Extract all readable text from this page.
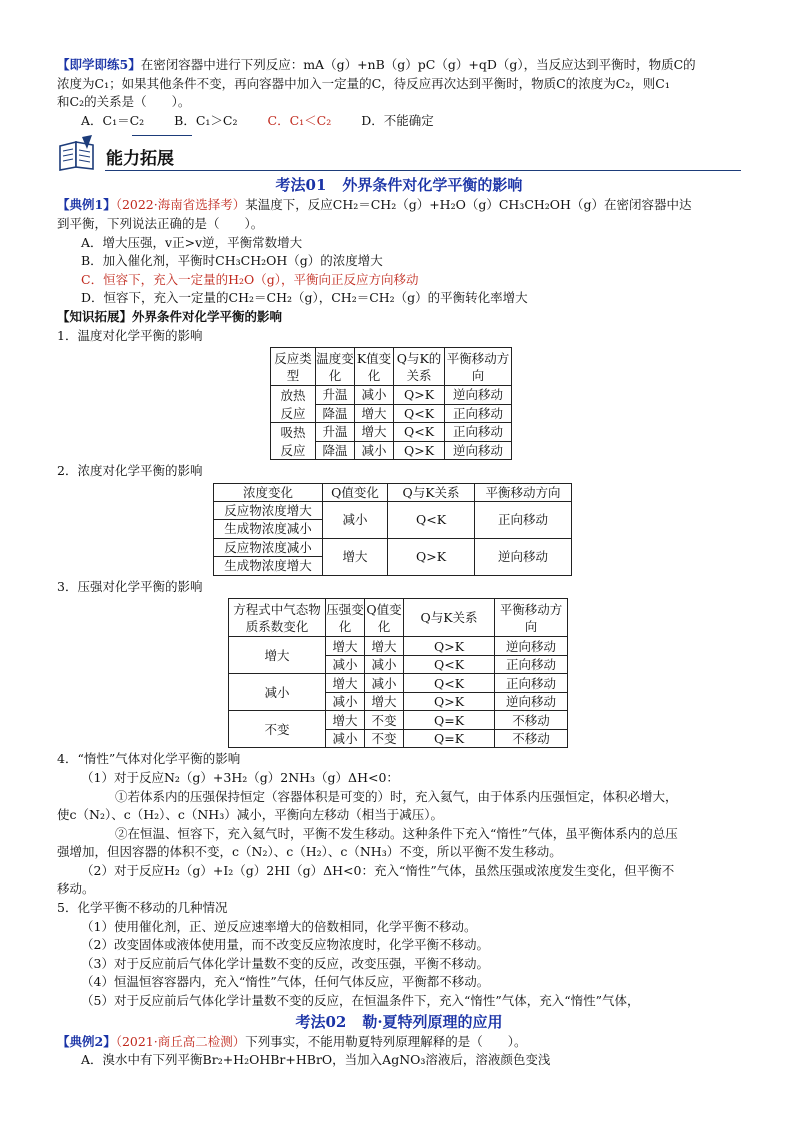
【即学即练5】在密闭容器中进行下列反应：mA（g）+nB（g）pC（g）+qD（g），当反应达到平衡时，物质C的
浓度为C₁；如果其他条件不变，再向容器中加入一定量的C，待反应再次达到平衡时，物质C的浓度为C₂，则C₁
和C₂的关系是（　　）。
A．C₁＝C₂ B．C₁＞C₂ C．C₁＜C₂ D．不能确定
能力拓展
考法01 外界条件对化学平衡的影响
【典例1】（2022·海南省选择考）某温度下，反应CH₂＝CH₂（g）+H₂O（g）CH₃CH₂OH（g）在密闭容器中达
到平衡，下列说法正确的是（　　）。
A．增大压强，v正>v逆，平衡常数增大
B．加入催化剂，平衡时CH₃CH₂OH（g）的浓度增大
C．恒容下，充入一定量的H₂O（g），平衡向正反应方向移动
D．恒容下，充入一定量的CH₂＝CH₂（g），CH₂＝CH₂（g）的平衡转化率增大
【知识拓展】外界条件对化学平衡的影响
1．温度对化学平衡的影响
反应类型	温度变化	K值变化	Q与K的关系	平衡移动方向
放热	升温	减小	Q>K	逆向移动
反应	降温	增大	Q<K	正向移动
吸热	升温	增大	Q<K	正向移动
反应	降温	减小	Q>K	逆向移动
2．浓度对化学平衡的影响
浓度变化	Q值变化	Q与K关系	平衡移动方向
反应物浓度增大	减小	Q<K	正向移动
生成物浓度减小			
反应物浓度减小	增大	Q>K	逆向移动
生成物浓度增大			
3．压强对化学平衡的影响
方程式中气态物质系数变化	压强变化	Q值变化	Q与K关系	平衡移动方向
增大	增大	增大	Q>K	逆向移动
	减小	减小	Q<K	正向移动
减小	增大	减小	Q<K	正向移动
	减小	增大	Q>K	逆向移动
不变	增大	不变	Q=K	不移动
	减小	不变	Q=K	不移动
4．“惰性”气体对化学平衡的影响
（1）对于反应N₂（g）+3H₂（g）2NH₃（g）ΔH<0：
①若体系内的压强保持恒定（容器体积是可变的）时，充入氦气，由于体系内压强恒定，体积必增大，
使c（N₂）、c（H₂）、c（NH₃）减小，平衡向左移动（相当于减压）。
②在恒温、恒容下，充入氦气时，平衡不发生移动。这种条件下充入“惰性”气体，虽平衡体系内的总压
强增加，但因容器的体积不变，c（N₂）、c（H₂）、c（NH₃）不变，所以平衡不发生移动。
（2）对于反应H₂（g）+I₂（g）2HI（g）ΔH<0：充入“惰性”气体，虽然压强或浓度发生变化，但平衡不
移动。
5．化学平衡不移动的几种情况
（1）使用催化剂，正、逆反应速率增大的倍数相同，化学平衡不移动。
（2）改变固体或液体使用量，而不改变反应物浓度时，化学平衡不移动。
（3）对于反应前后气体化学计量数不变的反应，改变压强，平衡不移动。
（4）恒温恒容容器内，充入“惰性”气体，任何气体反应，平衡都不移动。
（5）对于反应前后气体化学计量数不变的反应，在恒温条件下，充入“惰性”气体，充入“惰性”气体，
考法02 勒·夏特列原理的应用
【典例2】（2021·商丘高二检测）下列事实，不能用勒夏特列原理解释的是（　　）。
A．溴水中有下列平衡Br₂+H₂OHBr+HBrO，当加入AgNO₃溶液后，溶液颜色变浅
